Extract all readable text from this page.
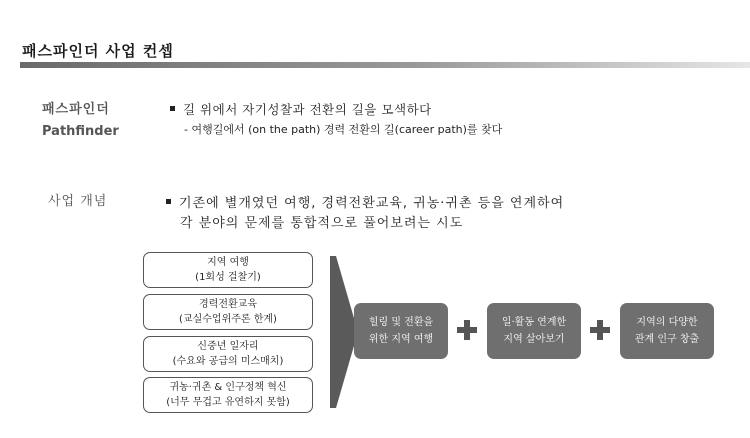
패스파인더 사업 컨셉
패스파인더
Pathfinder
길 위에서 자기성찰과 전환의 길을 모색하다
- 여행길에서 (on the path) 경력 전환의 길(career path)를 찾다
사업 개념	기존에 별개였던 여행, 경력전환교육, 귀농·귀촌 등을 연계하여
각 분야의 문제를 통합적으로 풀어보려는 시도
지역 여행
(1회성 걸찰기)
경력전환교육
(교실수업위주론 한계)
신중년 일자리
(수요와 공급의 미스매치)
귀농·귀촌 & 인구정책 혁신
(너무 무겁고 유연하지 못함)
힐링 및 전환을
위한 지역 여행
일·활동 연계한
지역 살아보기
지역의 다양한
관계 인구 창출
